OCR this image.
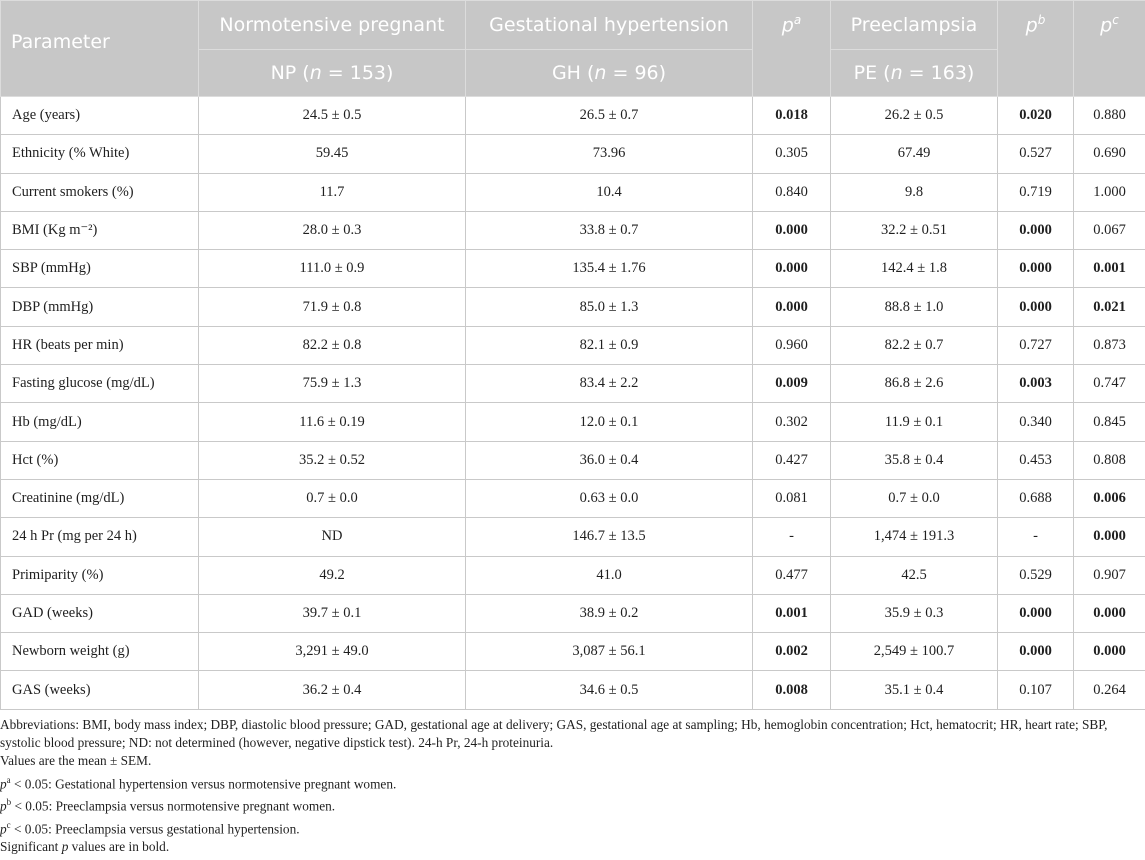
Parameter	Normotensive pregnant	Gestational hypertension	$p^a$	Preeclampsia	$p^b$	$p^c$
	NP (n = 153)	GH (n = 96)		PE (n = 163)		
Age (years)	24.5 ± 0.5	26.5 ± 0.7	0.018	26.2 ± 0.5	0.020	0.880
Ethnicity (% White)	59.45	73.96	0.305	67.49	0.527	0.690
Current smokers (%)	11.7	10.4	0.840	9.8	0.719	1.000
BMI (Kg m⁻²)	28.0 ± 0.3	33.8 ± 0.7	0.000	32.2 ± 0.51	0.000	0.067
SBP (mmHg)	111.0 ± 0.9	135.4 ± 1.76	0.000	142.4 ± 1.8	0.000	0.001
DBP (mmHg)	71.9 ± 0.8	85.0 ± 1.3	0.000	88.8 ± 1.0	0.000	0.021
HR (beats per min)	82.2 ± 0.8	82.1 ± 0.9	0.960	82.2 ± 0.7	0.727	0.873
Fasting glucose (mg/dL)	75.9 ± 1.3	83.4 ± 2.2	0.009	86.8 ± 2.6	0.003	0.747
Hb (mg/dL)	11.6 ± 0.19	12.0 ± 0.1	0.302	11.9 ± 0.1	0.340	0.845
Hct (%)	35.2 ± 0.52	36.0 ± 0.4	0.427	35.8 ± 0.4	0.453	0.808
Creatinine (mg/dL)	0.7 ± 0.0	0.63 ± 0.0	0.081	0.7 ± 0.0	0.688	0.006
24 h Pr (mg per 24 h)	ND	146.7 ± 13.5	-	1,474 ± 191.3	-	0.000
Primiparity (%)	49.2	41.0	0.477	42.5	0.529	0.907
GAD (weeks)	39.7 ± 0.1	38.9 ± 0.2	0.001	35.9 ± 0.3	0.000	0.000
Newborn weight (g)	3,291 ± 49.0	3,087 ± 56.1	0.002	2,549 ± 100.7	0.000	0.000
GAS (weeks)	36.2 ± 0.4	34.6 ± 0.5	0.008	35.1 ± 0.4	0.107	0.264

Abbreviations: BMI, body mass index; DBP, diastolic blood pressure; GAD, gestational age at delivery; GAS, gestational age at sampling; Hb, hemoglobin concentration; Hct, hematocrit; HR, heart rate; SBP, systolic blood pressure; ND: not determined (however, negative dipstick test). 24-h Pr, 24-h proteinuria.

Values are the mean ± SEM.

$p^a < 0.05$: Gestational hypertension versus normotensive pregnant women.

$p^b < 0.05$: Preeclampsia versus normotensive pregnant women.

$p^c < 0.05$: Preeclampsia versus gestational hypertension.

Significant p values are in bold.
